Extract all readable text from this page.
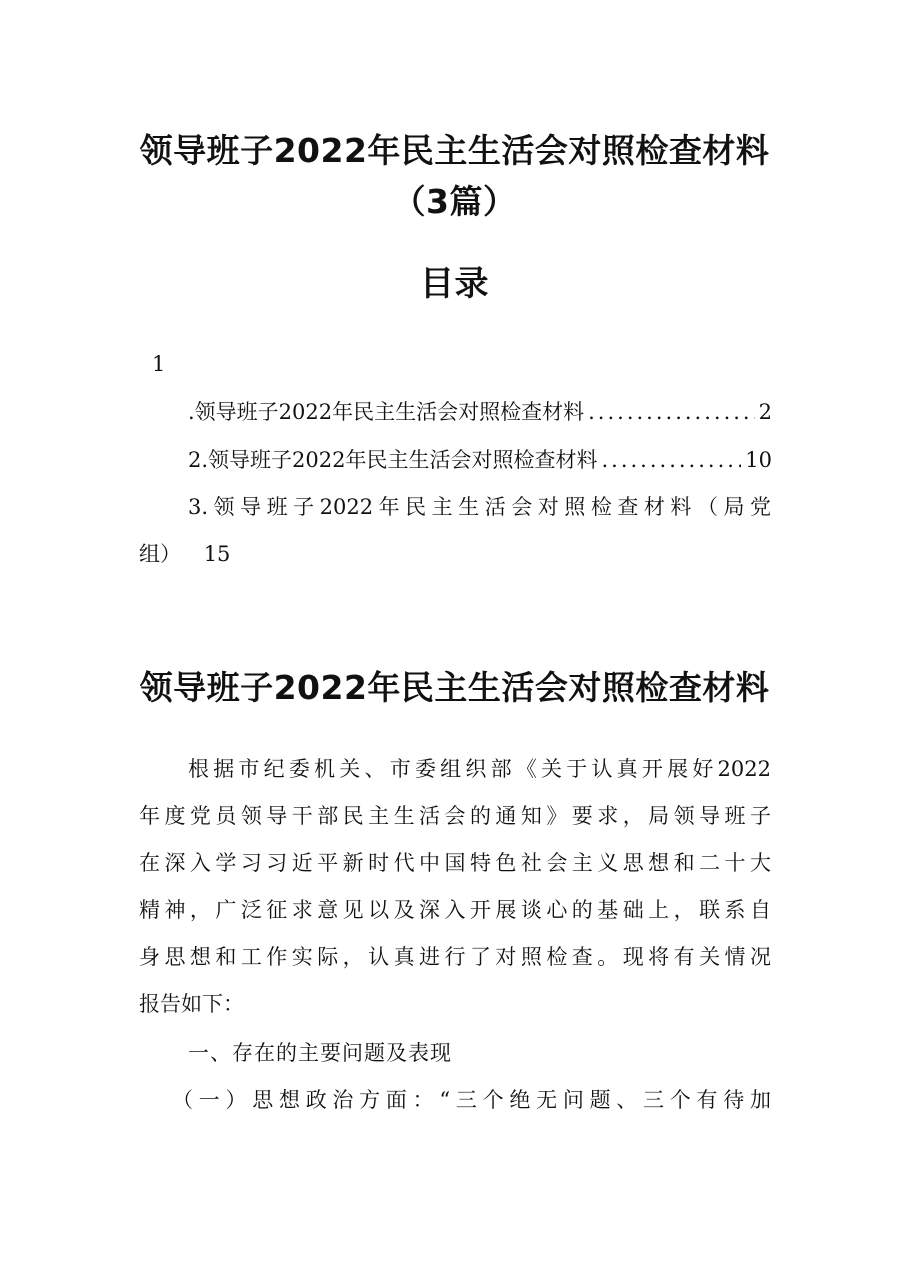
领导班子2022年民主生活会对照检查材料
（3篇）
目录
1
.领导班子2022年民主生活会对照检查材料 .....	2
2.领导班子2022年民主生活会对照检查材料 .....	10
3.领导班子2022年民主生活会对照检查材料（局党
组） 15
领导班子2022年民主生活会对照检查材料
根据市纪委机关、市委组织部《关于认真开展好2022
年度党员领导干部民主生活会的通知》要求，局领导班子
在深入学习习近平新时代中国特色社会主义思想和二十大
精神，广泛征求意见以及深入开展谈心的基础上，联系自
身思想和工作实际，认真进行了对照检查。现将有关情况
报告如下：
一、存在的主要问题及表现
（一）思想政治方面：“三个绝无问题、三个有待加
